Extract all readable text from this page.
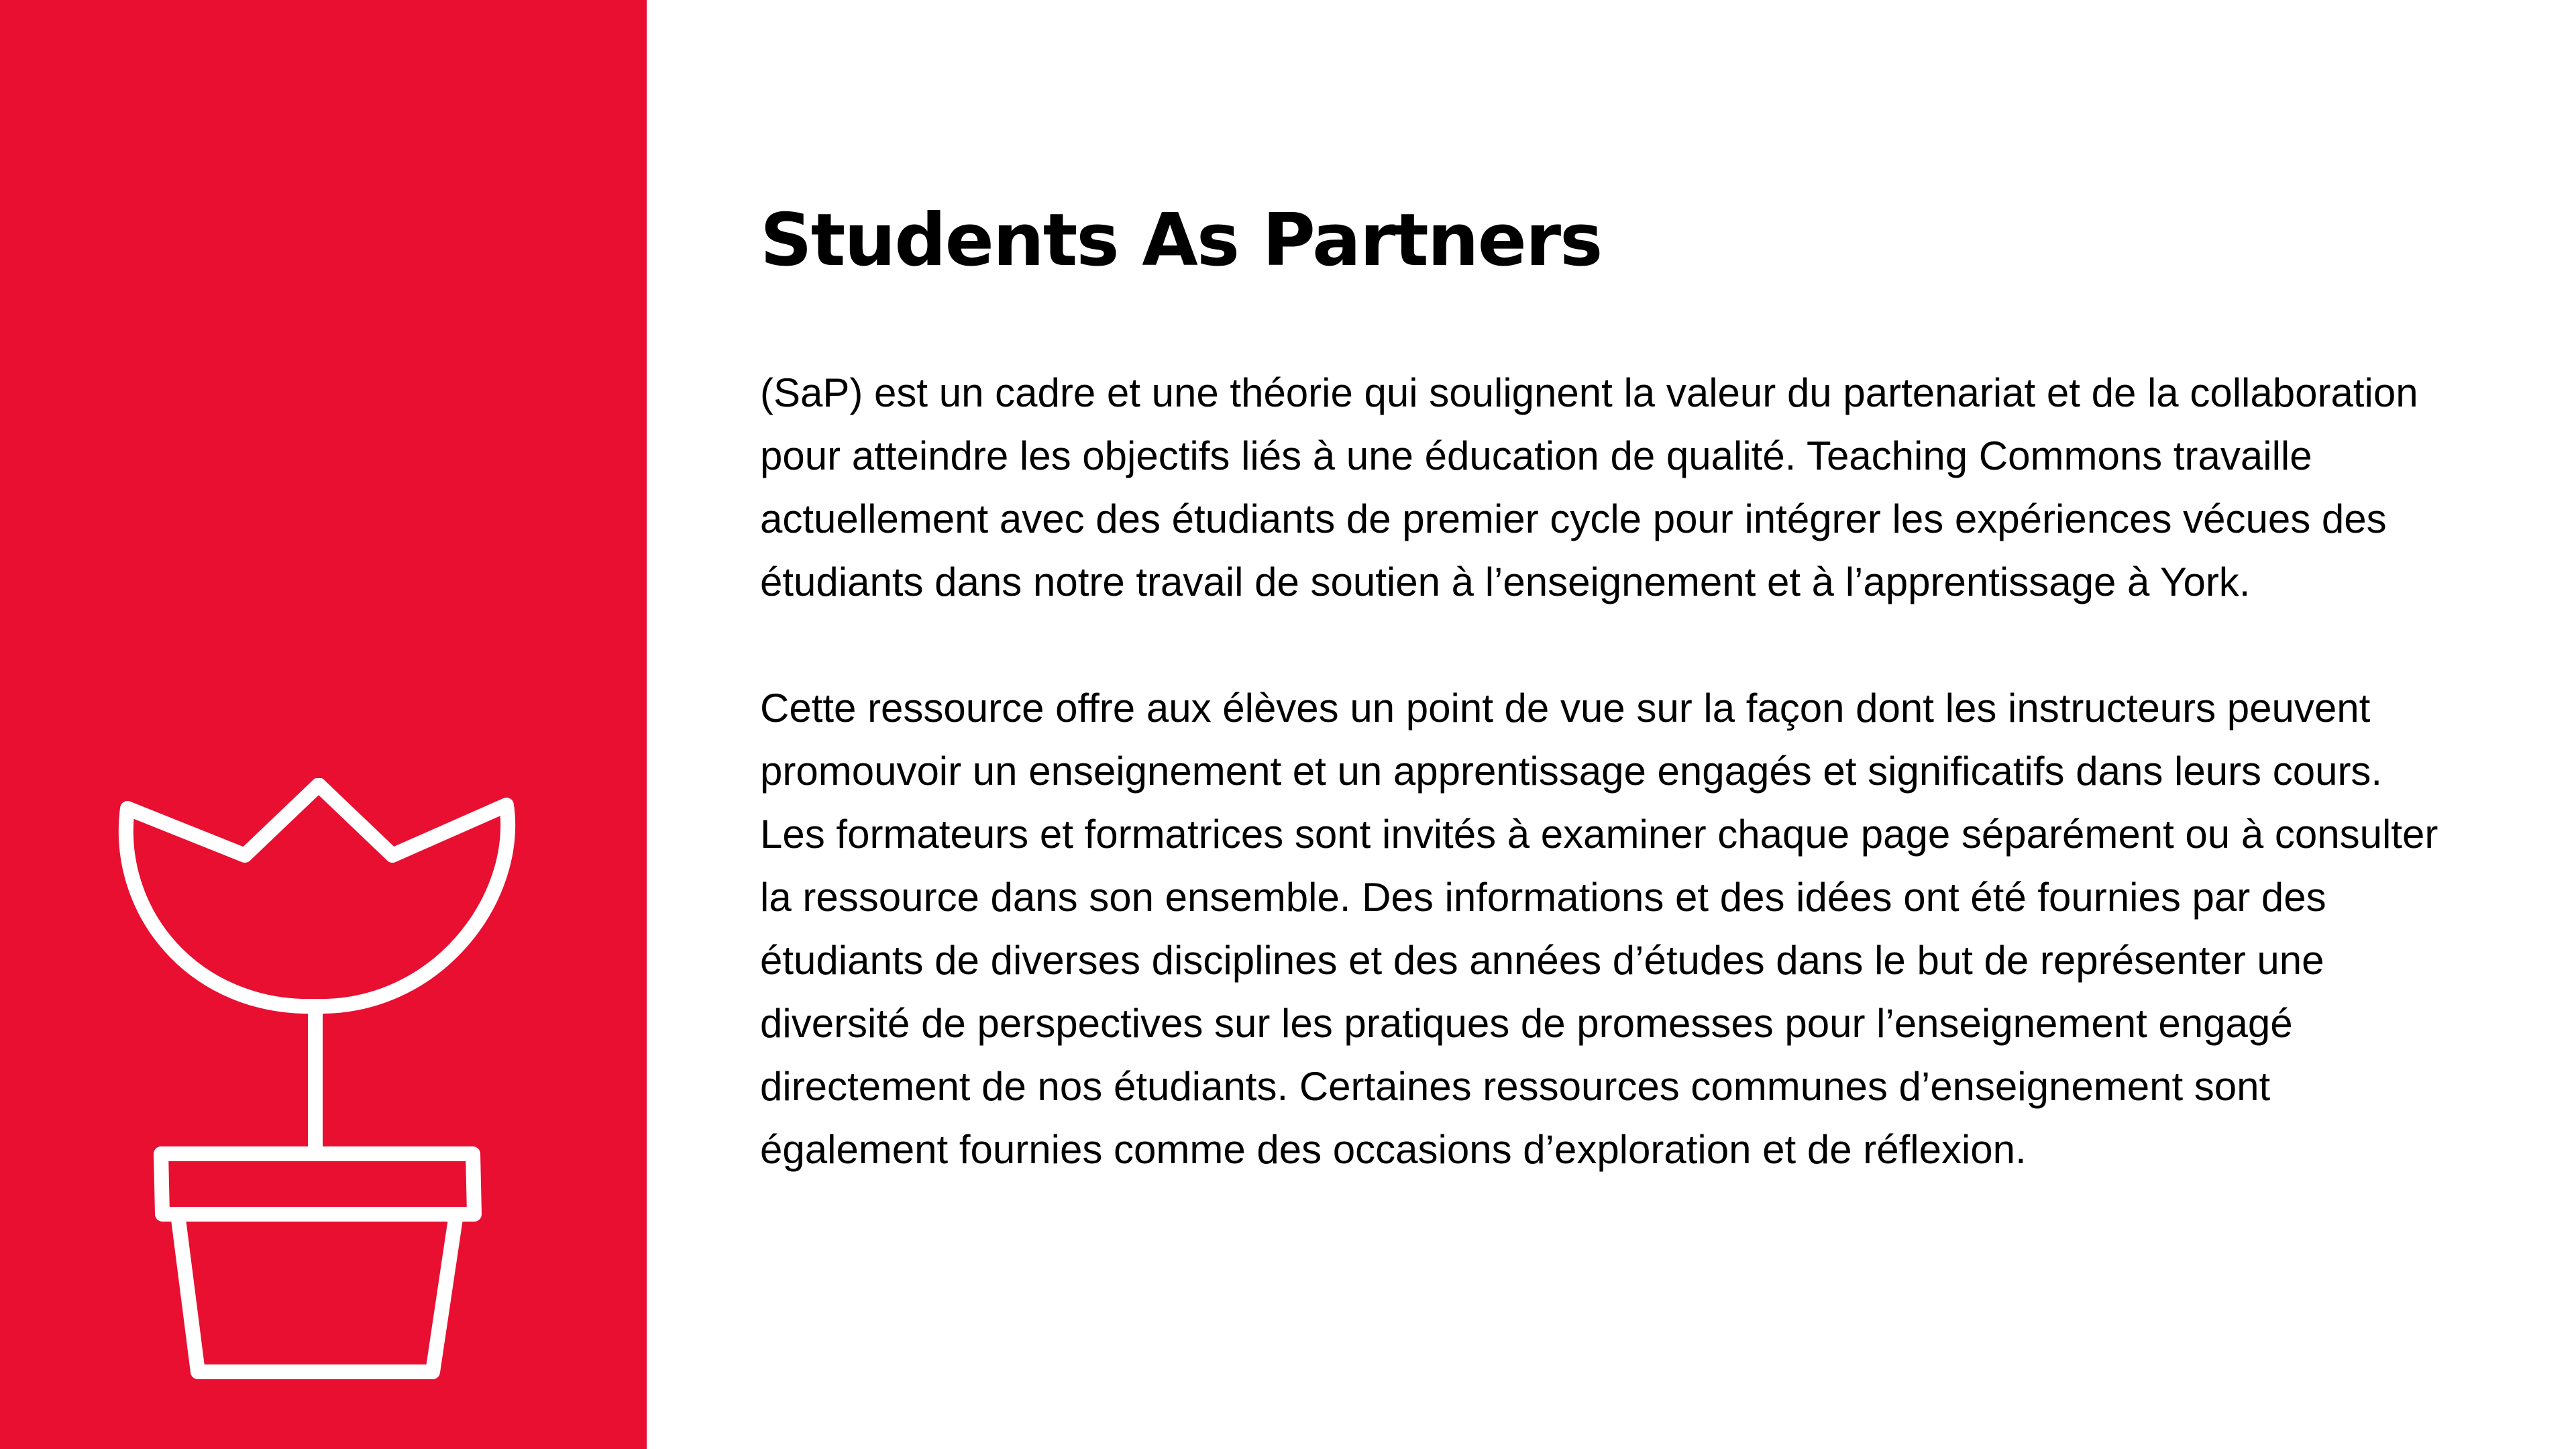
Students As Partners

(SaP) est un cadre et une théorie qui soulignent la valeur du partenariat et de la collaboration pour atteindre les objectifs liés à une éducation de qualité. Teaching Commons travaille actuellement avec des étudiants de premier cycle pour intégrer les expériences vécues des étudiants dans notre travail de soutien à l’enseignement et à l’apprentissage à York.

Cette ressource offre aux élèves un point de vue sur la façon dont les instructeurs peuvent promouvoir un enseignement et un apprentissage engagés et significatifs dans leurs cours. Les formateurs et formatrices sont invités à examiner chaque page séparément ou à consulter la ressource dans son ensemble. Des informations et des idées ont été fournies par des étudiants de diverses disciplines et des années d’études dans le but de représenter une diversité de perspectives sur les pratiques de promesses pour l’enseignement engagé directement de nos étudiants. Certaines ressources communes d’enseignement sont également fournies comme des occasions d’exploration et de réflexion.
